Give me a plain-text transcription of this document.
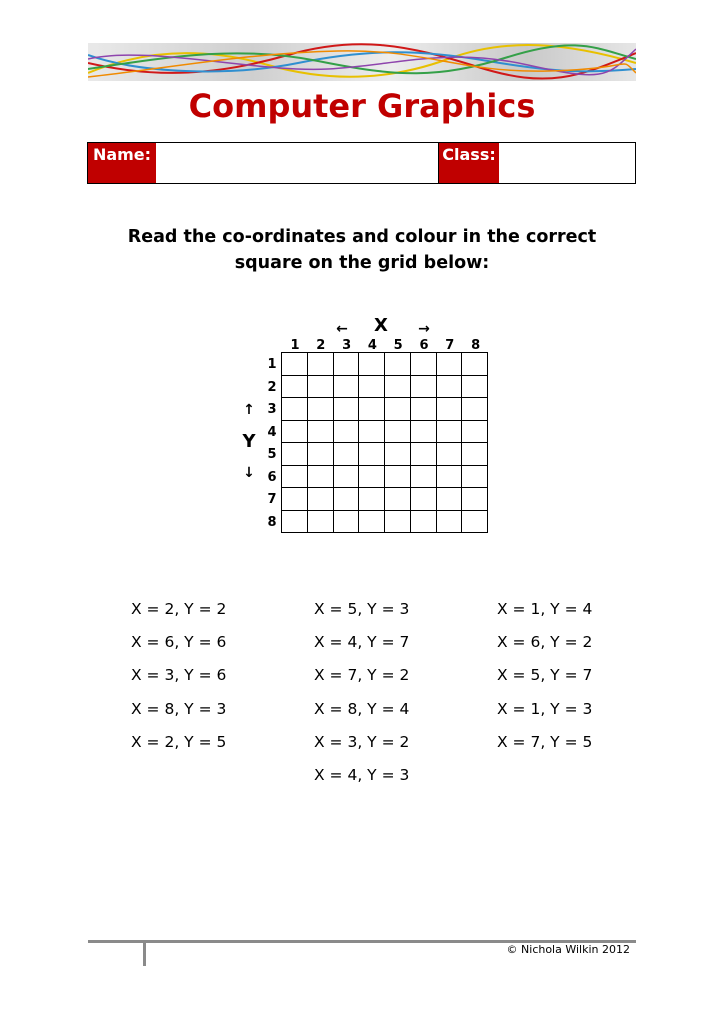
Computer Graphics
Name:	Class:
Read the co-ordinates and colour in the correct square on the grid below:
←	X	→
↑
Y
↓
1	2	3	4	5	6	7	8
1
2
3
4
5
6
7
8
X = 2, Y = 2
X = 6, Y = 6
X = 3, Y = 6
X = 8, Y = 3
X = 2, Y = 5
X = 5, Y = 3
X = 4, Y = 7
X = 7, Y = 2
X = 8, Y = 4
X = 3, Y = 2
X = 4, Y = 3
X = 1, Y = 4
X = 6, Y = 2
X = 5, Y = 7
X = 1, Y = 3
X = 7, Y = 5
© Nichola Wilkin 2012
